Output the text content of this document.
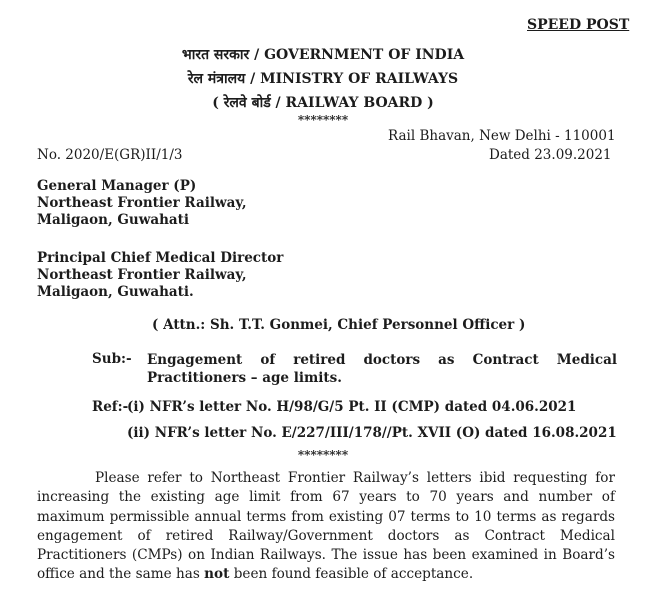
SPEED POST
भारत सरकार / GOVERNMENT OF INDIA
रेल मंत्रालय / MINISTRY OF RAILWAYS
( रेलवे बोर्ड / RAILWAY BOARD )
********
Rail Bhavan, New Delhi - 110001
No. 2020/E(GR)II/1/3	Dated 23.09.2021
General Manager (P)
Northeast Frontier Railway,
Maligaon, Guwahati
Principal Chief Medical Director
Northeast Frontier Railway,
Maligaon, Guwahati.
( Attn.: Sh. T.T. Gonmei, Chief Personnel Officer )
Sub:- Engagement of retired doctors as Contract Medical Practitioners – age limits.
Ref:-
(i) NFR’s letter No. H/98/G/5 Pt. II (CMP) dated 04.06.2021
(ii) NFR’s letter No. E/227/III/178//Pt. XVII (O) dated 16.08.2021
********

Please refer to Northeast Frontier Railway’s letters ibid requesting for increasing the existing age limit from 67 years to 70 years and number of maximum permissible annual terms from existing 07 terms to 10 terms as regards engagement of retired Railway/Government doctors as Contract Medical Practitioners (CMPs) on Indian Railways. The issue has been examined in Board’s office and the same has not been found feasible of acceptance.
